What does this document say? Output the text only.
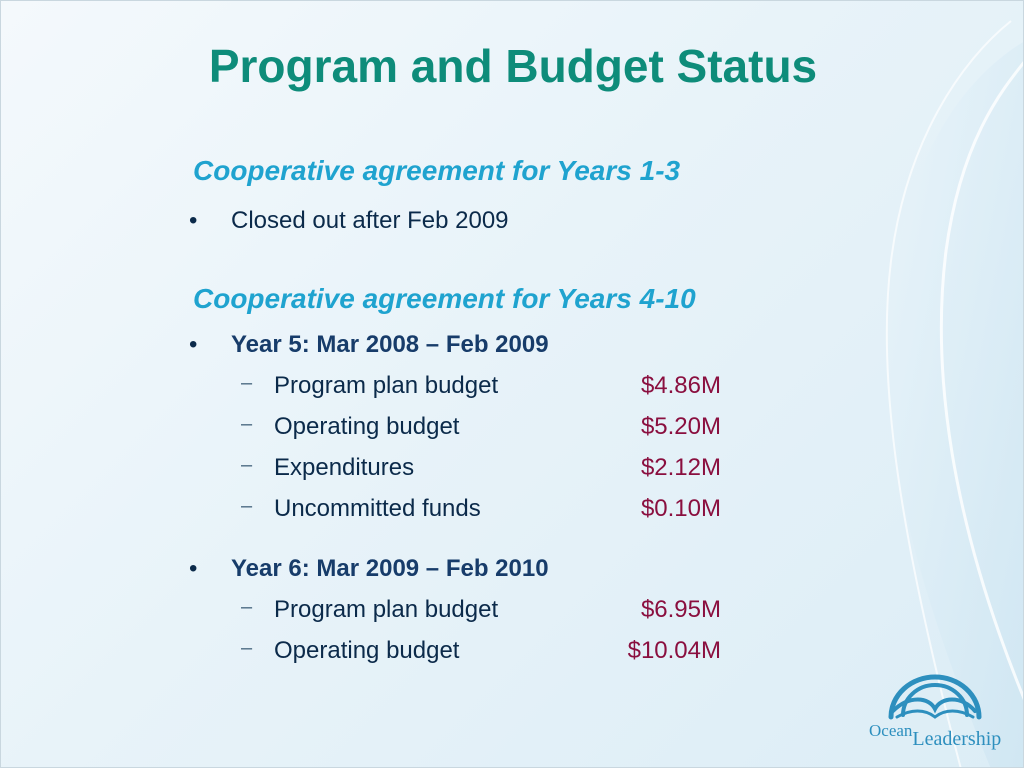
Program and Budget Status
Cooperative agreement for Years 1-3
• Closed out after Feb 2009
Cooperative agreement for Years 4-10
• Year 5: Mar 2008 – Feb 2009
– Program plan budget	$4.86M
– Operating budget	$5.20M
– Expenditures	$2.12M
– Uncommitted funds	$0.10M
• Year 6: Mar 2009 – Feb 2010
– Program plan budget	$6.95M
– Operating budget	$10.04M
OceanLeadership
